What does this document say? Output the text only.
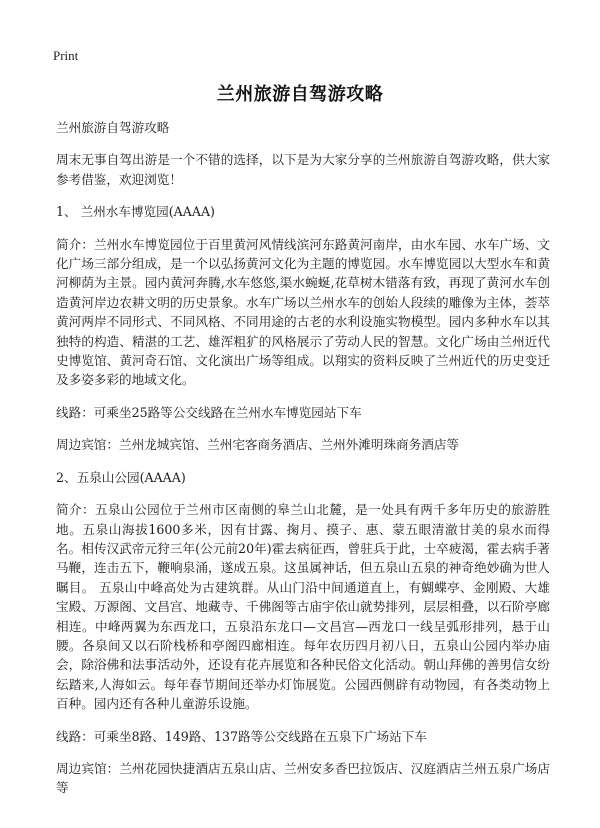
Print
兰州旅游自驾游攻略

兰州旅游自驾游攻略

周末无事自驾出游是一个不错的选择，以下是为大家分享的兰州旅游自驾游攻略，供大家参考借鉴，欢迎浏览！

1、 兰州水车博览园(AAAA)

简介：兰州水车博览园位于百里黄河风情线滨河东路黄河南岸，由水车园、水车广场、文化广场三部分组成，是一个以弘扬黄河文化为主题的博览园。水车博览园以大型水车和黄河柳荫为主景。园内黄河奔腾,水车悠悠,渠水蜿蜒,花草树木错落有致，再现了黄河水车创造黄河岸边农耕文明的历史景象。水车广场以兰州水车的创始人段续的雕像为主体，荟萃黄河两岸不同形式、不同风格、不同用途的古老的水利设施实物模型。园内多种水车以其独特的构造、精湛的工艺、雄浑粗犷的风格展示了劳动人民的智慧。文化广场由兰州近代史博览馆、黄河奇石馆、文化演出广场等组成。以翔实的资料反映了兰州近代的历史变迁及多姿多彩的地域文化。

线路：可乘坐25路等公交线路在兰州水车博览园站下车

周边宾馆：兰州龙城宾馆、兰州宅客商务酒店、兰州外滩明珠商务酒店等

2、五泉山公园(AAAA)

简介：五泉山公园位于兰州市区南侧的皋兰山北麓，是一处具有两千多年历史的旅游胜地。五泉山海拔1600多米，因有甘露、掬月、摸子、惠、蒙五眼清澈甘美的泉水而得名。相传汉武帝元狩三年(公元前20年)霍去病征西，曾驻兵于此，士卒疲渴，霍去病手著马鞭，连击五下，鞭响泉涌，遂成五泉。这虽属神话，但五泉山五泉的神奇绝妙确为世人瞩目。 五泉山中峰高处为古建筑群。从山门沿中间通道直上，有蝴蝶亭、金刚殿、大雄宝殿、万源阁、文昌宫、地藏寺、千佛阁等古庙宇依山就势排列，层层相叠，以石阶亭廊相连。中峰两翼为东西龙口，五泉沿东龙口—文昌宫—西龙口一线呈弧形排列，悬于山腰。各泉间又以石阶栈桥和亭阁四廊相连。每年农历四月初八日，五泉山公园内举办庙会，除浴佛和法事活动外，还设有花卉展览和各种民俗文化活动。朝山拜佛的善男信女纷纭踏来,人海如云。每年春节期间还举办灯饰展览。公园西侧辟有动物园，有各类动物上百种。园内还有各种儿童游乐设施。

线路：可乘坐8路、149路、137路等公交线路在五泉下广场站下车

周边宾馆：兰州花园快捷酒店五泉山店、兰州安多香巴拉饭店、汉庭酒店兰州五泉广场店等
